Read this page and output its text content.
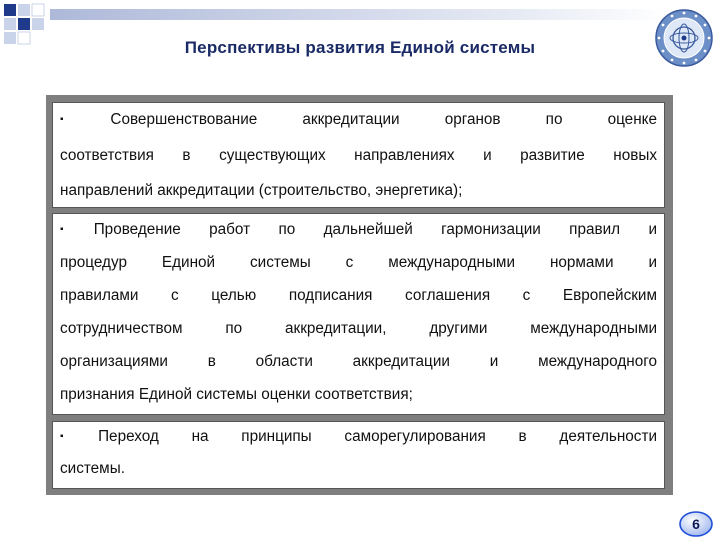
Перспективы развития Единой системы

▪ Совершенствование аккредитации органов по оценке

соответствия в существующих направлениях и развитие новых

направлений аккредитации (строительство, энергетика);

▪ Проведение работ по дальнейшей гармонизации правил и

процедур Единой системы с международными нормами и

правилами с целью подписания соглашения с Европейским

сотрудничеством по аккредитации, другими международными

организациями в области аккредитации и международного

признания Единой системы оценки соответствия;

▪ Переход на принципы саморегулирования в деятельности

системы.

6
